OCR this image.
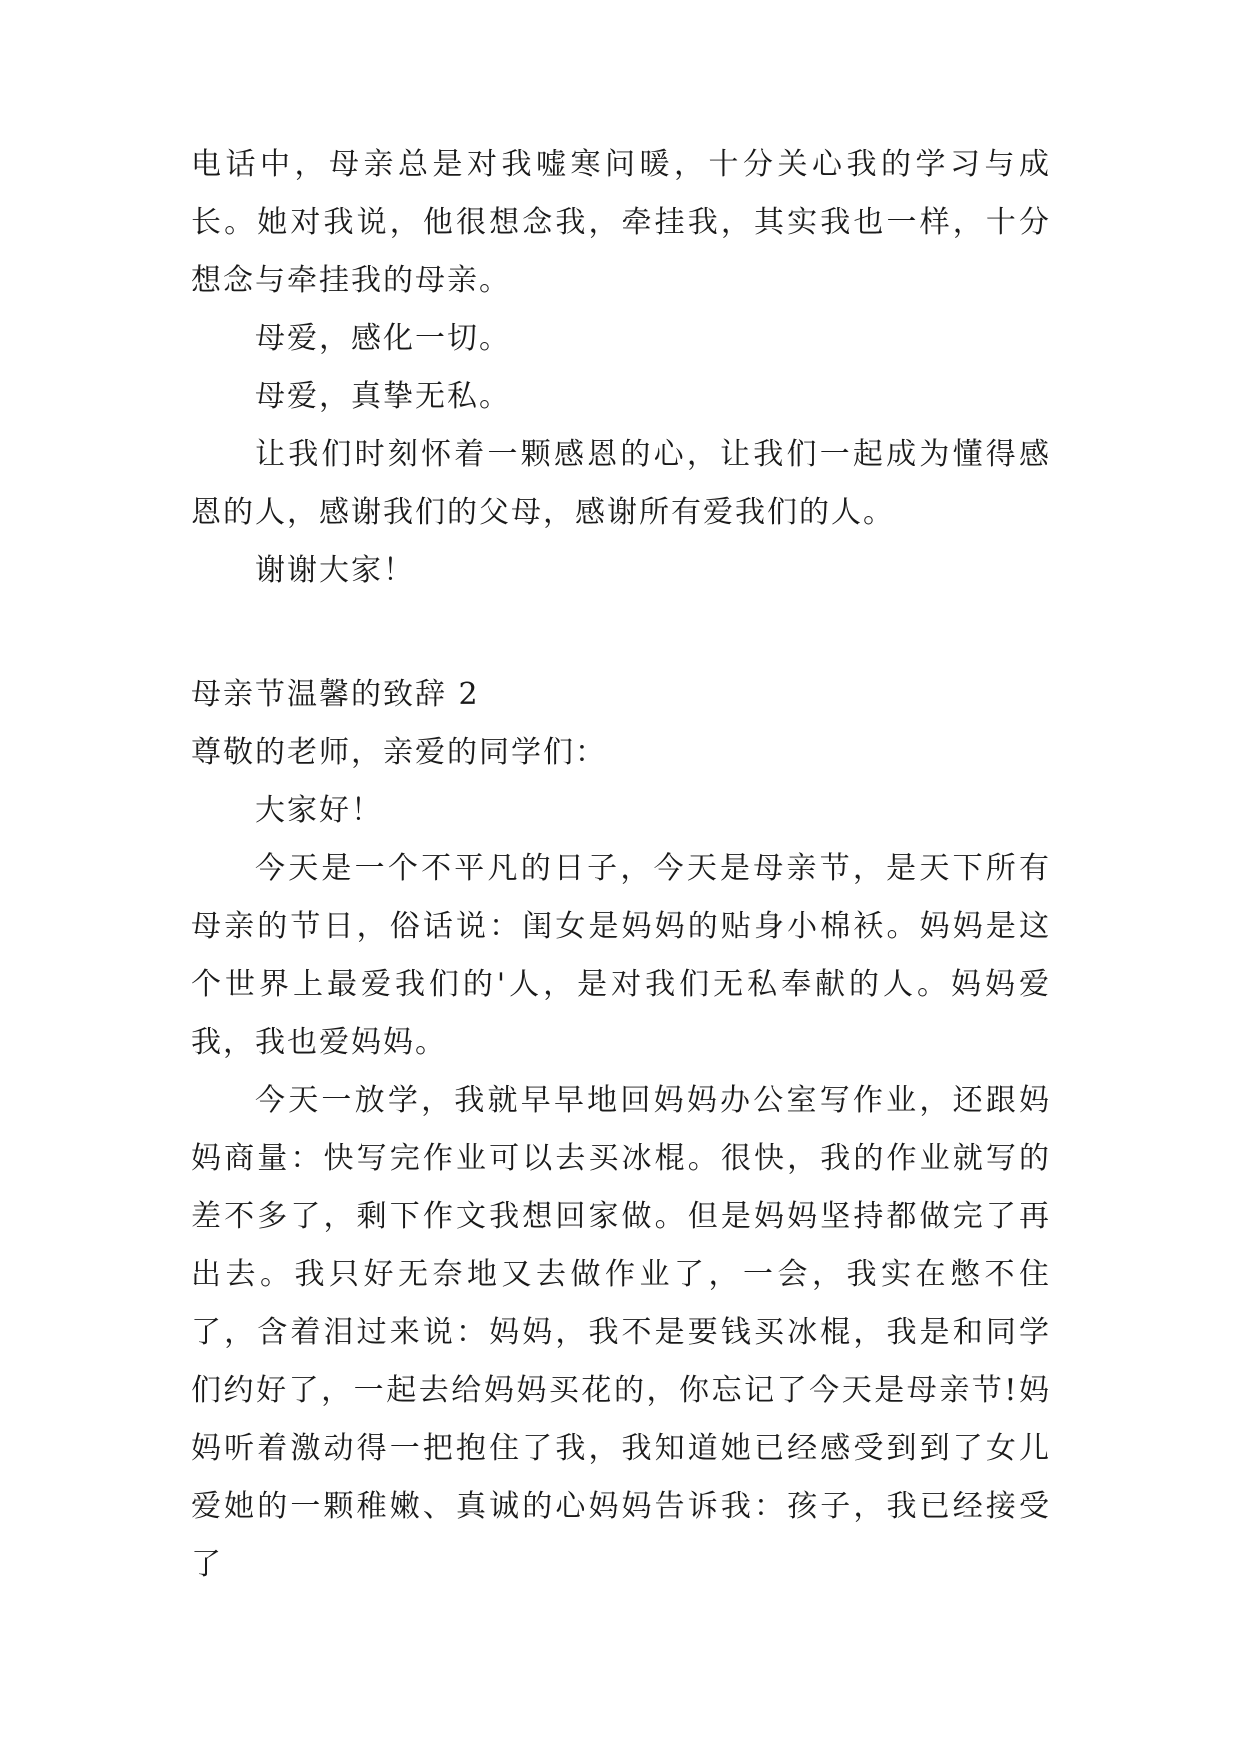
电话中，母亲总是对我嘘寒问暖，十分关心我的学习与成长。她对我说，他很想念我，牵挂我，其实我也一样，十分想念与牵挂我的母亲。

母爱，感化一切。

母爱，真挚无私。

让我们时刻怀着一颗感恩的心，让我们一起成为懂得感恩的人，感谢我们的父母，感谢所有爱我们的人。

谢谢大家！

母亲节温馨的致辞 2

尊敬的老师，亲爱的同学们：

大家好！

今天是一个不平凡的日子，今天是母亲节，是天下所有母亲的节日，俗话说：闺女是妈妈的贴身小棉袄。妈妈是这个世界上最爱我们的'人，是对我们无私奉献的人。妈妈爱我，我也爱妈妈。

今天一放学，我就早早地回妈妈办公室写作业，还跟妈妈商量：快写完作业可以去买冰棍。很快，我的作业就写的差不多了，剩下作文我想回家做。但是妈妈坚持都做完了再出去。我只好无奈地又去做作业了，一会，我实在憋不住了，含着泪过来说：妈妈，我不是要钱买冰棍，我是和同学们约好了，一起去给妈妈买花的，你忘记了今天是母亲节!妈妈听着激动得一把抱住了我，我知道她已经感受到到了女儿爱她的一颗稚嫩、真诚的心妈妈告诉我：孩子，我已经接受了
